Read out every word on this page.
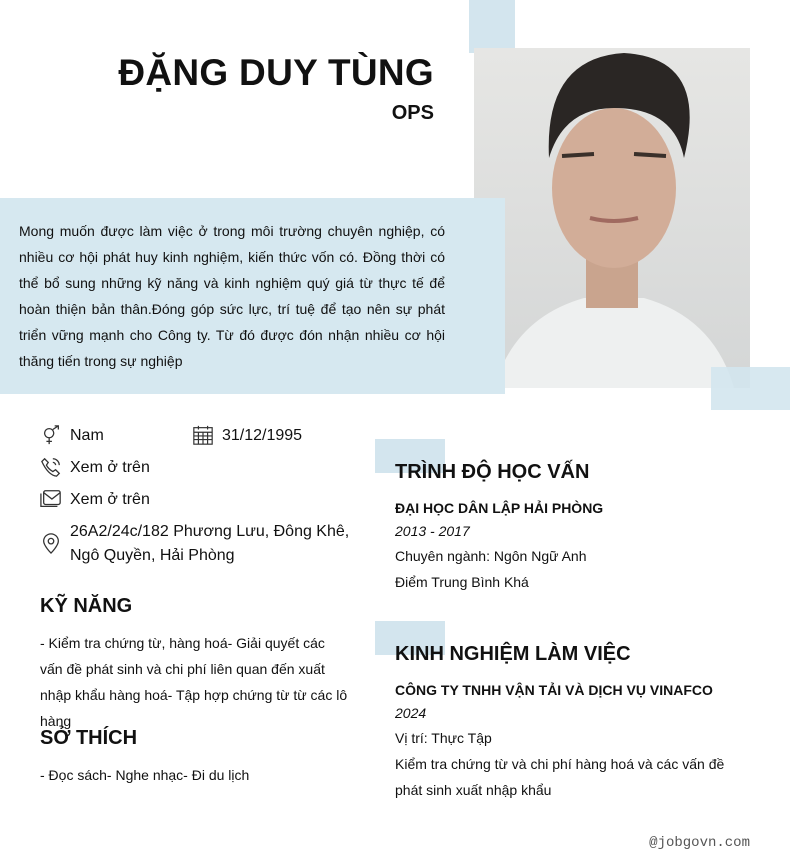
ĐẶNG DUY TÙNG
OPS
Mong muốn được làm việc ở trong môi trường chuyên nghiệp, có nhiều cơ hội phát huy kinh nghiệm, kiến thức vốn có. Đồng thời có thể bổ sung những kỹ năng và kinh nghiệm quý giá từ thực tế để hoàn thiện bản thân.Đóng góp sức lực, trí tuệ để tạo nên sự phát triển vững mạnh cho Công ty. Từ đó được đón nhận nhiều cơ hội thăng tiến trong sự nghiệp
Nam	31/12/1995
Xem ở trên
Xem ở trên
26A2/24c/182 Phương Lưu, Đông Khê, Ngô Quyền, Hải Phòng
KỸ NĂNG
- Kiểm tra chứng từ, hàng hoá- Giải quyết các vấn đề phát sinh và chi phí liên quan đến xuất nhập khẩu hàng hoá- Tập hợp chứng từ từ các lô hàng
SỞ THÍCH
- Đọc sách- Nghe nhạc- Đi du lịch
TRÌNH ĐỘ HỌC VẤN
ĐẠI HỌC DÂN LẬP HẢI PHÒNG
2013 - 2017
Chuyên ngành: Ngôn Ngữ Anh
Điểm Trung Bình Khá
KINH NGHIỆM LÀM VIỆC
CÔNG TY TNHH VẬN TẢI VÀ DỊCH VỤ VINAFCO
2024
Vị trí: Thực Tập
Kiểm tra chứng từ và chi phí hàng hoá và các vấn đề phát sinh xuất nhập khẩu
@jobgovn.com
